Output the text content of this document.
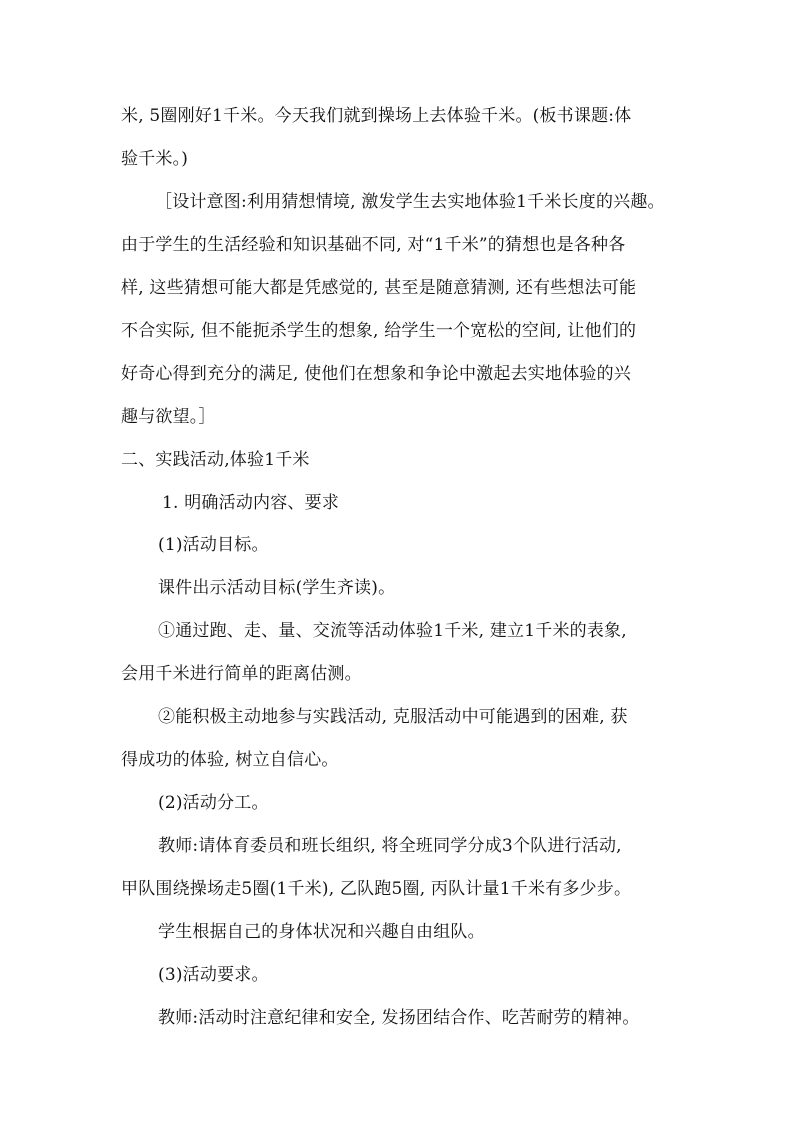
米, 5圈刚好1千米。今天我们就到操场上去体验千米。(板书课题:体
验千米。)
［设计意图:利用猜想情境, 激发学生去实地体验1千米长度的兴趣。
由于学生的生活经验和知识基础不同, 对“1千米”的猜想也是各种各
样, 这些猜想可能大都是凭感觉的, 甚至是随意猜测, 还有些想法可能
不合实际, 但不能扼杀学生的想象, 给学生一个宽松的空间, 让他们的
好奇心得到充分的满足, 使他们在想象和争论中激起去实地体验的兴
趣与欲望。］
二、实践活动,体验1千米
1. 明确活动内容、要求
(1)活动目标。
课件出示活动目标(学生齐读)。
①通过跑、走、量、交流等活动体验1千米, 建立1千米的表象,
会用千米进行简单的距离估测。
②能积极主动地参与实践活动, 克服活动中可能遇到的困难, 获
得成功的体验, 树立自信心。
(2)活动分工。
教师:请体育委员和班长组织, 将全班同学分成3个队进行活动,
甲队围绕操场走5圈(1千米), 乙队跑5圈, 丙队计量1千米有多少步。
学生根据自己的身体状况和兴趣自由组队。
(3)活动要求。
教师:活动时注意纪律和安全, 发扬团结合作、吃苦耐劳的精神。
